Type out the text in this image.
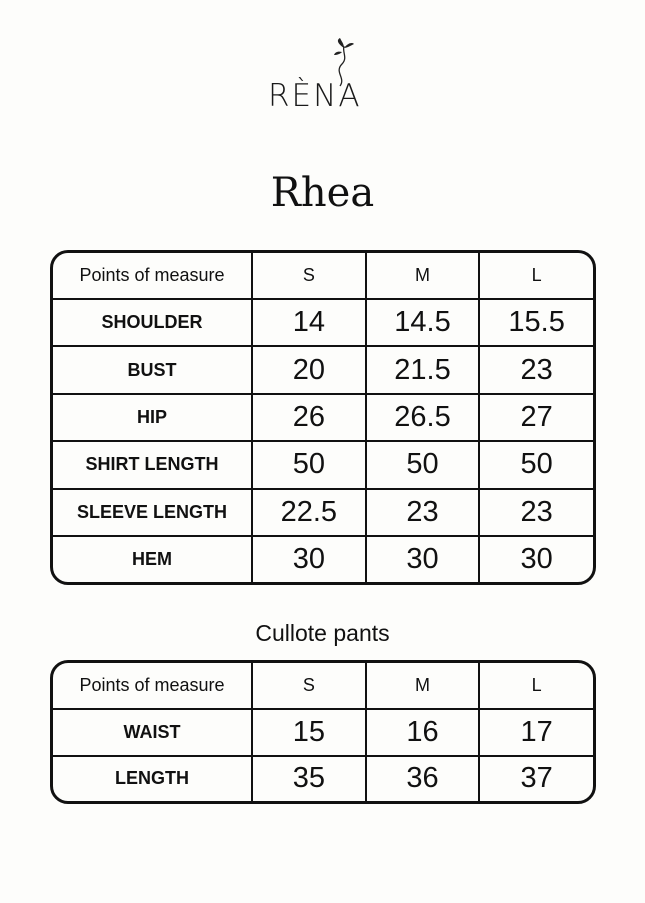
RÈNA
Rhea
Points of measure	S	M	L
SHOULDER	14	14.5	15.5
BUST	20	21.5	23
HIP	26	26.5	27
SHIRT LENGTH	50	50	50
SLEEVE LENGTH	22.5	23	23
HEM	30	30	30
Cullote pants
Points of measure	S	M	L
WAIST	15	16	17
LENGTH	35	36	37
